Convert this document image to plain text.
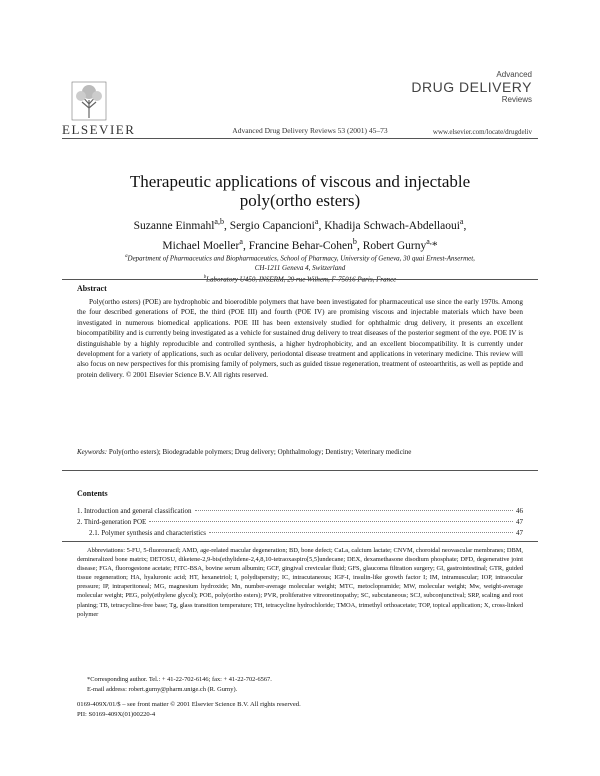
ELSEVIER	Advanced Drug Delivery Reviews 53 (2001) 45–73
Advanced
DRUG DELIVERY
Reviews
www.elsevier.com/locate/drugdeliv
Therapeutic applications of viscous and injectable
poly(ortho esters)
Suzanne Einmahl$^{a,b}$, Sergio Capancioni$^a$, Khadija Schwach-Abdellaoui$^a$,
Michael Moeller$^a$, Francine Behar-Cohen$^b$, Robert Gurny$^{a,}$*
$^a$Department of Pharmaceutics and Biopharmaceutics, School of Pharmacy, University of Geneva, 30 quai Ernest-Ansermet,
CH-1211 Geneva 4, Switzerland
$^b$Laboratory U450, INSERM, 29 rue Wilhem, F-75016 Paris, France
Abstract
Poly(ortho esters) (POE) are hydrophobic and bioerodible polymers that have been investigated for pharmaceutical use since the early 1970s. Among the four described generations of POE, the third (POE III) and fourth (POE IV) are promising viscous and injectable materials which have been investigated in numerous biomedical applications. POE III has been extensively studied for ophthalmic drug delivery, it presents an excellent biocompatibility and is currently being investigated as a vehicle for sustained drug delivery to treat diseases of the posterior segment of the eye. POE IV is distinguishable by a highly reproducible and controlled synthesis, a higher hydrophobicity, and an excellent biocompatibility. It is currently under development for a variety of applications, such as ocular delivery, periodontal disease treatment and applications in veterinary medicine. This review will also focus on new perspectives for this promising family of polymers, such as guided tissue regeneration, treatment of osteoarthritis, as well as peptide and protein delivery. © 2001 Elsevier Science B.V. All rights reserved.
Keywords: Poly(ortho esters); Biodegradable polymers; Drug delivery; Ophthalmology; Dentistry; Veterinary medicine
Contents
1. Introduction and general classification	46
2. Third-generation POE	47
2.1. Polymer synthesis and characteristics	47
Abbreviations: 5-FU, 5-fluorouracil; AMD, age-related macular degeneration; BD, bone defect; CaLa, calcium lactate; CNVM, choroidal neovascular membranes; DBM, demineralized bone matrix; DETOSU, diketene-2,9-bis(ethylidene-2,4,8,10-tetraoxaspiro[5,5]undecane; DEX, dexamethasone disodium phosphate; DFD, degenerative joint disease; FGA, fluorogestone acetate; FITC-BSA, bovine serum albumin; GCF, gingival crevicular fluid; GFS, glaucoma filtration surgery; GI, gastrointestinal; GTR, guided tissue regeneration; HA, hyaluronic acid; HT, hexanetriol; I, polydispersity; IC, intracutaneous; IGF-I, insulin-like growth factor I; IM, intramuscular; IOP, intraocular pressure; IP, intraperitoneal; MG, magnesium hydroxide; Mn, number-average molecular weight; MTC, metoclopramide; MW, molecular weight; Mw, weight-average molecular weight; PEG, poly(ethylene glycol); POE, poly(ortho esters); PVR, proliferative vitreoretinopathy; SC, subcutaneous; SCJ, subconjunctival; SRP, scaling and root planing; TB, tetracycline-free base; Tg, glass transition temperature; TH, tetracycline hydrochloride; TMOA, trimethyl orthoacetate; TOP, topical application; X, cross-linked polymer
*Corresponding author. Tel.: + 41-22-702-6146; fax: + 41-22-702-6567.
E-mail address: robert.gurny@pharm.unige.ch (R. Gurny).
0169-409X/01/$ – see front matter © 2001 Elsevier Science B.V. All rights reserved.
PII: S0169-409X(01)00220-4
